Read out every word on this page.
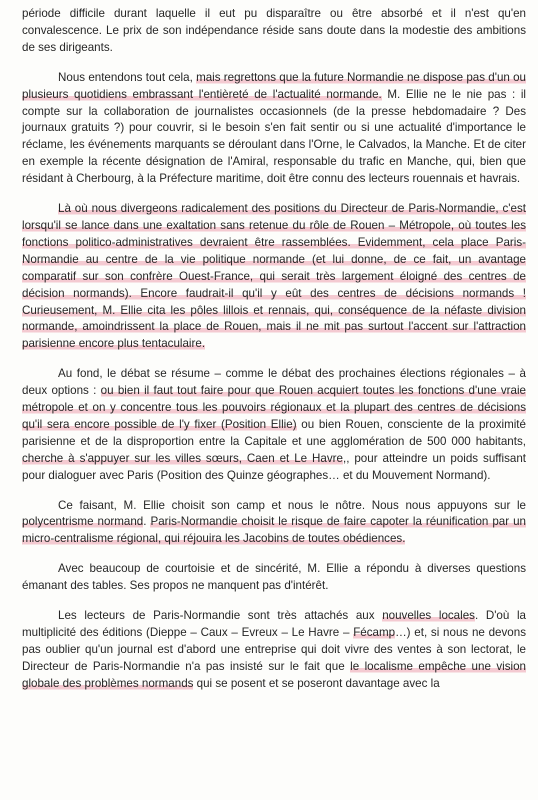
période difficile durant laquelle il eut pu disparaître ou être absorbé et il n'est qu'en convalescence. Le prix de son indépendance réside sans doute dans la modestie des ambitions de ses dirigeants.

Nous entendons tout cela, mais regrettons que la future Normandie ne dispose pas d'un ou plusieurs quotidiens embrassant l'entièreté de l'actualité normande. M. Ellie ne le nie pas : il compte sur la collaboration de journalistes occasionnels (de la presse hebdomadaire ? Des journaux gratuits ?) pour couvrir, si le besoin s'en fait sentir ou si une actualité d'importance le réclame, les événements marquants se déroulant dans l'Orne, le Calvados, la Manche. Et de citer en exemple la récente désignation de l'Amiral, responsable du trafic en Manche, qui, bien que résidant à Cherbourg, à la Préfecture maritime, doit être connu des lecteurs rouennais et havrais.

Là où nous divergeons radicalement des positions du Directeur de Paris-Normandie, c'est lorsqu'il se lance dans une exaltation sans retenue du rôle de Rouen – Métropole, où toutes les fonctions politico-administratives devraient être rassemblées. Evidemment, cela place Paris-Normandie au centre de la vie politique normande (et lui donne, de ce fait, un avantage comparatif sur son confrère Ouest-France, qui serait très largement éloigné des centres de décision normands). Encore faudrait-il qu'il y eût des centres de décisions normands ! Curieusement, M. Ellie cita les pôles lillois et rennais, qui, conséquence de la néfaste division normande, amoindrissent la place de Rouen, mais il ne mit pas surtout l'accent sur l'attraction parisienne encore plus tentaculaire.

Au fond, le débat se résume – comme le débat des prochaines élections régionales – à deux options : ou bien il faut tout faire pour que Rouen acquiert toutes les fonctions d'une vraie métropole et on y concentre tous les pouvoirs régionaux et la plupart des centres de décisions qu'il sera encore possible de l'y fixer (Position Ellie) ou bien Rouen, consciente de la proximité parisienne et de la disproportion entre la Capitale et une agglomération de 500 000 habitants, cherche à s'appuyer sur les villes sœurs, Caen et Le Havre,, pour atteindre un poids suffisant pour dialoguer avec Paris (Position des Quinze géographes… et du Mouvement Normand).

Ce faisant, M. Ellie choisit son camp et nous le nôtre. Nous nous appuyons sur le polycentrisme normand. Paris-Normandie choisit le risque de faire capoter la réunification par un micro-centralisme régional, qui réjouira les Jacobins de toutes obédiences.

Avec beaucoup de courtoisie et de sincérité, M. Ellie a répondu à diverses questions émanant des tables. Ses propos ne manquent pas d'intérêt.

Les lecteurs de Paris-Normandie sont très attachés aux nouvelles locales. D'où la multiplicité des éditions (Dieppe – Caux – Evreux – Le Havre – Fécamp…) et, si nous ne devons pas oublier qu'un journal est d'abord une entreprise qui doit vivre des ventes à son lectorat, le Directeur de Paris-Normandie n'a pas insisté sur le fait que le localisme empêche une vision globale des problèmes normands qui se posent et se poseront davantage avec la
